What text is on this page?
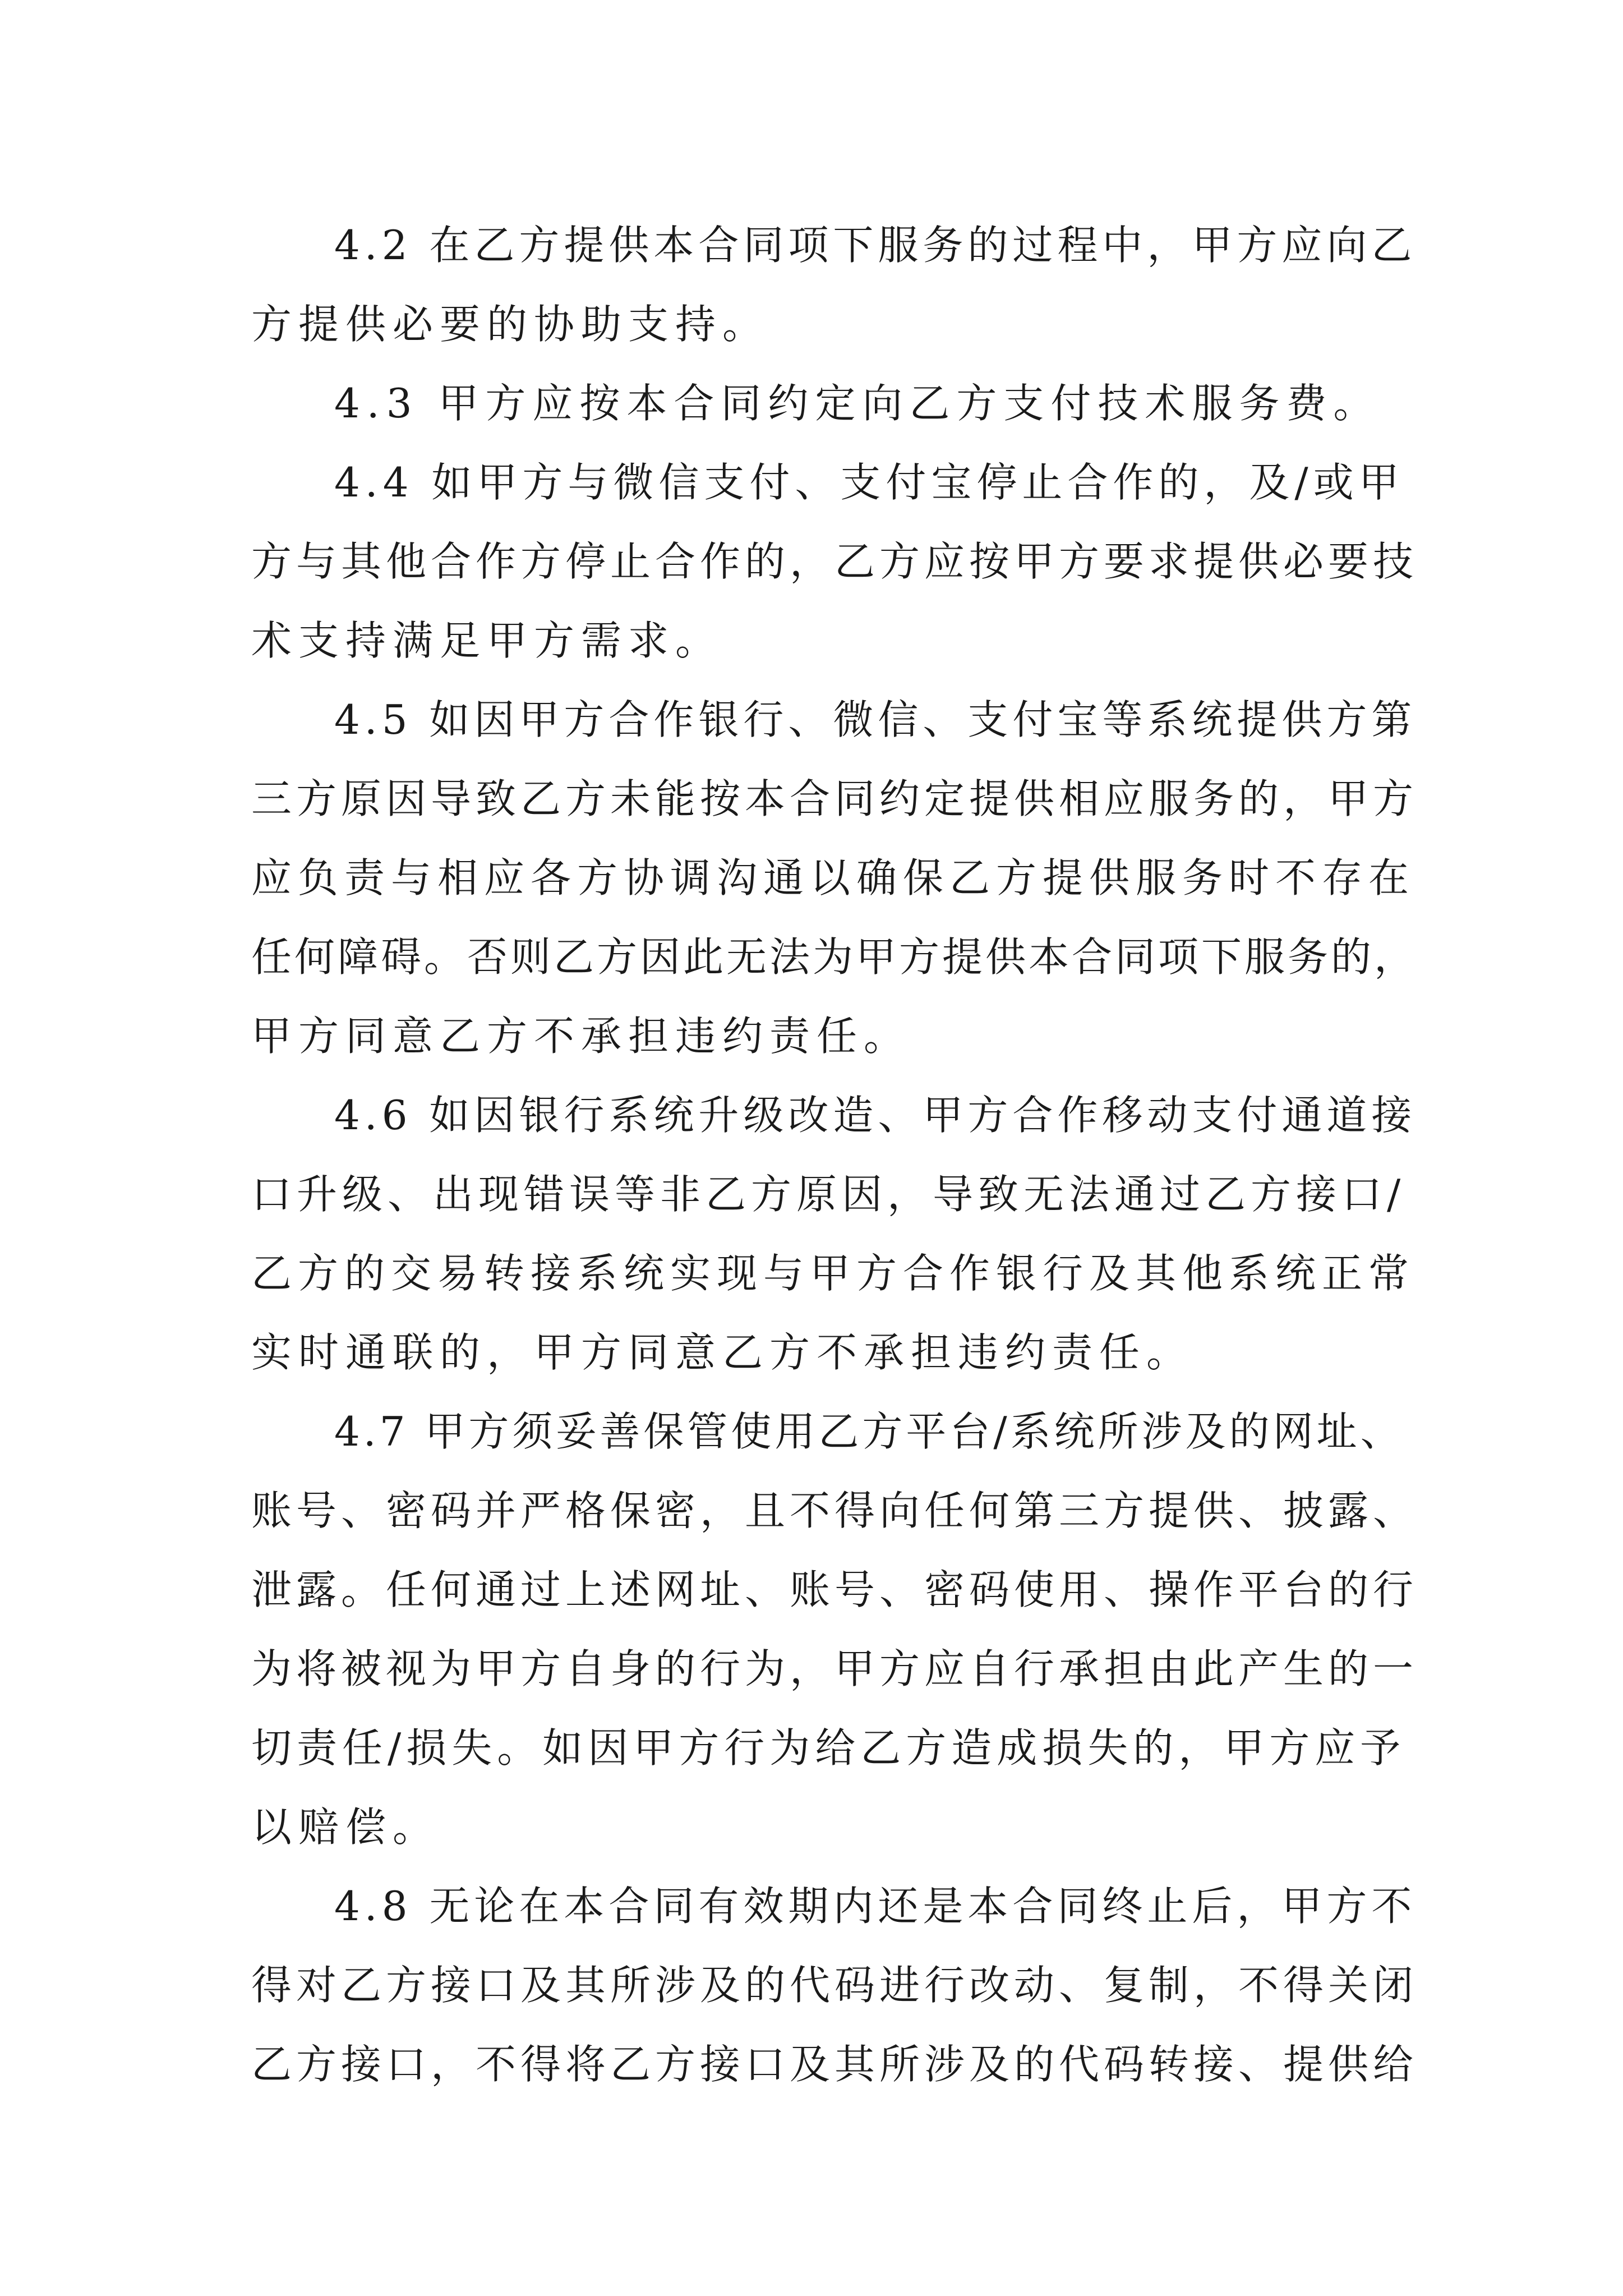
4.2 在乙方提供本合同项下服务的过程中，甲方应向乙
方提供必要的协助支持。
4.3 甲方应按本合同约定向乙方支付技术服务费。
4.4 如甲方与微信支付、支付宝停止合作的，及/或甲
方与其他合作方停止合作的，乙方应按甲方要求提供必要技
术支持满足甲方需求。
4.5 如因甲方合作银行、微信、支付宝等系统提供方第
三方原因导致乙方未能按本合同约定提供相应服务的，甲方
应负责与相应各方协调沟通以确保乙方提供服务时不存在
任何障碍。否则乙方因此无法为甲方提供本合同项下服务的，
甲方同意乙方不承担违约责任。
4.6 如因银行系统升级改造、甲方合作移动支付通道接
口升级、出现错误等非乙方原因，导致无法通过乙方接口/
乙方的交易转接系统实现与甲方合作银行及其他系统正常
实时通联的，甲方同意乙方不承担违约责任。
4.7 甲方须妥善保管使用乙方平台/系统所涉及的网址、
账号、密码并严格保密，且不得向任何第三方提供、披露、
泄露。任何通过上述网址、账号、密码使用、操作平台的行
为将被视为甲方自身的行为，甲方应自行承担由此产生的一
切责任/损失。如因甲方行为给乙方造成损失的，甲方应予
以赔偿。
4.8 无论在本合同有效期内还是本合同终止后，甲方不
得对乙方接口及其所涉及的代码进行改动、复制，不得关闭
乙方接口，不得将乙方接口及其所涉及的代码转接、提供给
